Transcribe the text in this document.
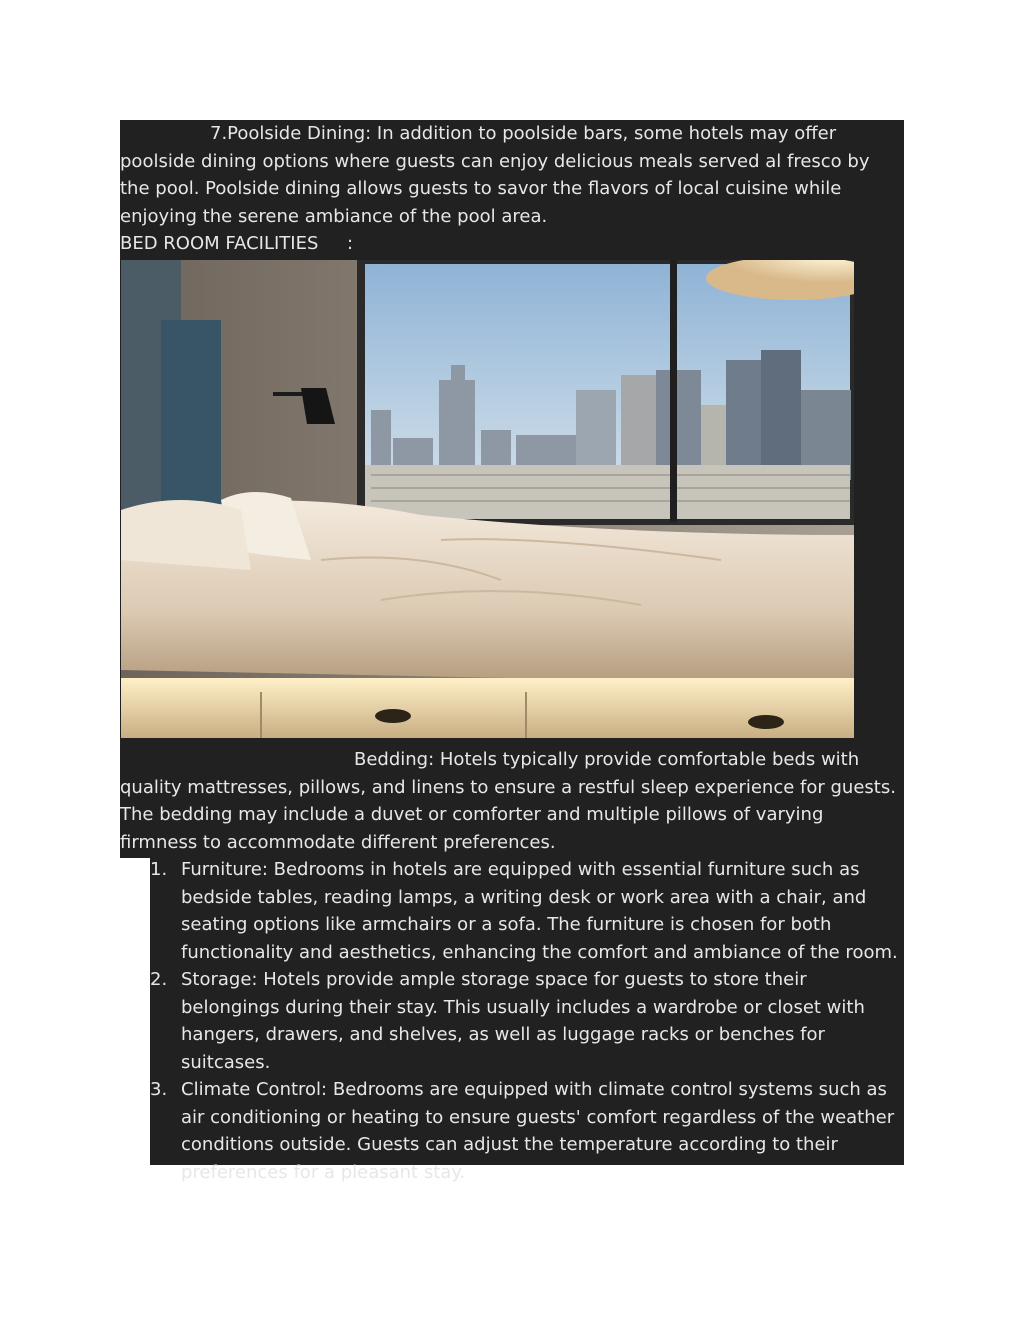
7.Poolside Dining: In addition to poolside bars, some hotels may offer poolside dining options where guests can enjoy delicious meals served al fresco by the pool. Poolside dining allows guests to savor the flavors of local cuisine while enjoying the serene ambiance of the pool area.

BED ROOM FACILITIES     :

Bedding: Hotels typically provide comfortable beds with quality mattresses, pillows, and linens to ensure a restful sleep experience for guests. The bedding may include a duvet or comforter and multiple pillows of varying firmness to accommodate different preferences.

1. Furniture: Bedrooms in hotels are equipped with essential furniture such as bedside tables, reading lamps, a writing desk or work area with a chair, and seating options like armchairs or a sofa. The furniture is chosen for both functionality and aesthetics, enhancing the comfort and ambiance of the room.
2. Storage: Hotels provide ample storage space for guests to store their belongings during their stay. This usually includes a wardrobe or closet with hangers, drawers, and shelves, as well as luggage racks or benches for suitcases.
3. Climate Control: Bedrooms are equipped with climate control systems such as air conditioning or heating to ensure guests' comfort regardless of the weather conditions outside. Guests can adjust the temperature according to their preferences for a pleasant stay.
